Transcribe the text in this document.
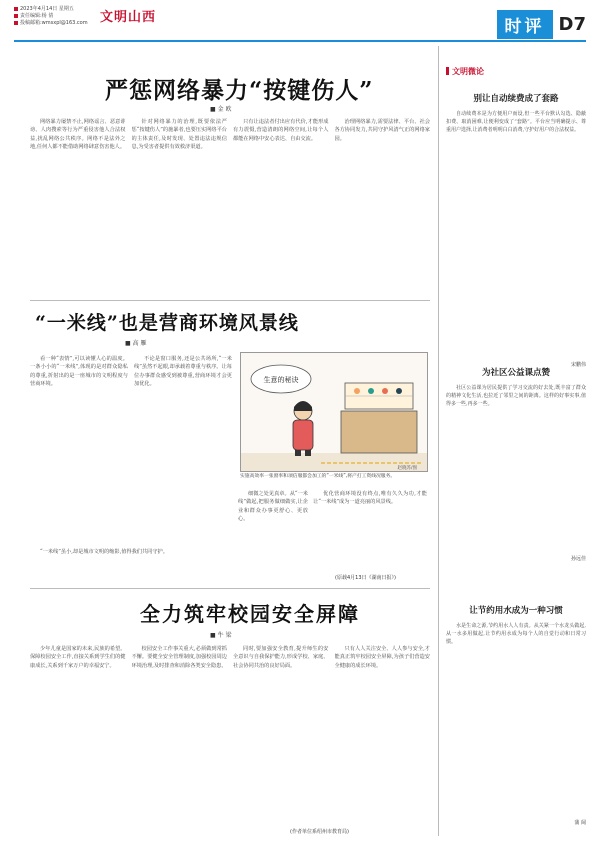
2023年4月14日 星期五
责任编辑:杨 倩
投稿邮箱:wmsxpl@163.com 文明山西	时评 D7
严惩网络暴力“按键伤人”
■ 金 欧

网络暴力屡禁不止,网络谣言、恶意诽谤、人肉搜索等行为严重侵害他人合法权益,扰乱网络公共秩序。网络不是法外之地,任何人都不能借助网络肆意伤害他人。

针对网络暴力的治理,既要依法严惩“按键伤人”的施暴者,也要压实网络平台的主体责任,及时发现、处置违法违规信息,为受害者提供有效救济渠道。

只有让违法者付出应有代价,才能形成有力震慑,营造清朗的网络空间,让每个人都能在网络中安心表达、自由交流。

治理网络暴力,需要法律、平台、社会各方协同发力,共同守护风清气正的网络家园。

“一米线”也是营商环境风景线
■ 高 雁

看一种“表情”,可以读懂人心的温度。一条小小的“一米线”,体现的是对群众隐私的尊重,折射出的是一座城市的文明程度与营商环境。

不论是窗口服务,还是公共场所,“一米线”虽然不起眼,却承载着尊重与秩序。让每位办事群众感受到被尊重,营商环境才会更加优化。

细微之处见真章。从“一米线”做起,把服务做细做实,让企业和群众办事更舒心、更放心。

优化营商环境没有终点,唯有久久为功,才能让“一米线”成为一道亮丽的风景线。

“一米线”虽小,却是城市文明的缩影,值得我们共同守护。

生意的秘诀
赵晓苏/图
实施高效率一张窗率和项信服都会加工的“一米线”,将产打工资线况服务。
(原载4月13日《湖南日报》)
全力筑牢校园安全屏障
■ 牛 梁

少年儿童是国家的未来,民族的希望。保障校园安全工作,直接关系到学生们的健康成长,关系到千家万户的幸福安宁。

校园安全工作事关重大,必须做到常抓不懈。要健全安全管理制度,加强校园周边环境治理,及时排查和消除各类安全隐患。

同时,要加强安全教育,提升师生的安全意识与自我保护能力,形成学校、家庭、社会协同共治的良好局面。

只有人人关注安全、人人参与安全,才能真正筑牢校园安全屏障,为孩子们营造安全健康的成长环境。

(作者单位系绍州市教育局)
文明微论
别让自动续费成了套路

自动续费本是为方便用户而设,但一些平台默认勾选、隐蔽扣费、取消困难,让便利变成了“套路”。平台应当明确提示、尊重用户选择,让消费者明明白白消费,守护好用户的合法权益。

宋鹏伟
为社区公益课点赞

社区公益课为居民提供了学习交流的好去处,既丰富了群众的精神文化生活,也拉近了邻里之间的距离。这样的好事实事,值得多一些,再多一些。

孙远佳
让节约用水成为一种习惯

水是生命之源,节约用水人人有责。从关紧一个水龙头做起,从一水多用做起,让节约用水成为每个人的自觉行动和日常习惯。

蒲 阔
